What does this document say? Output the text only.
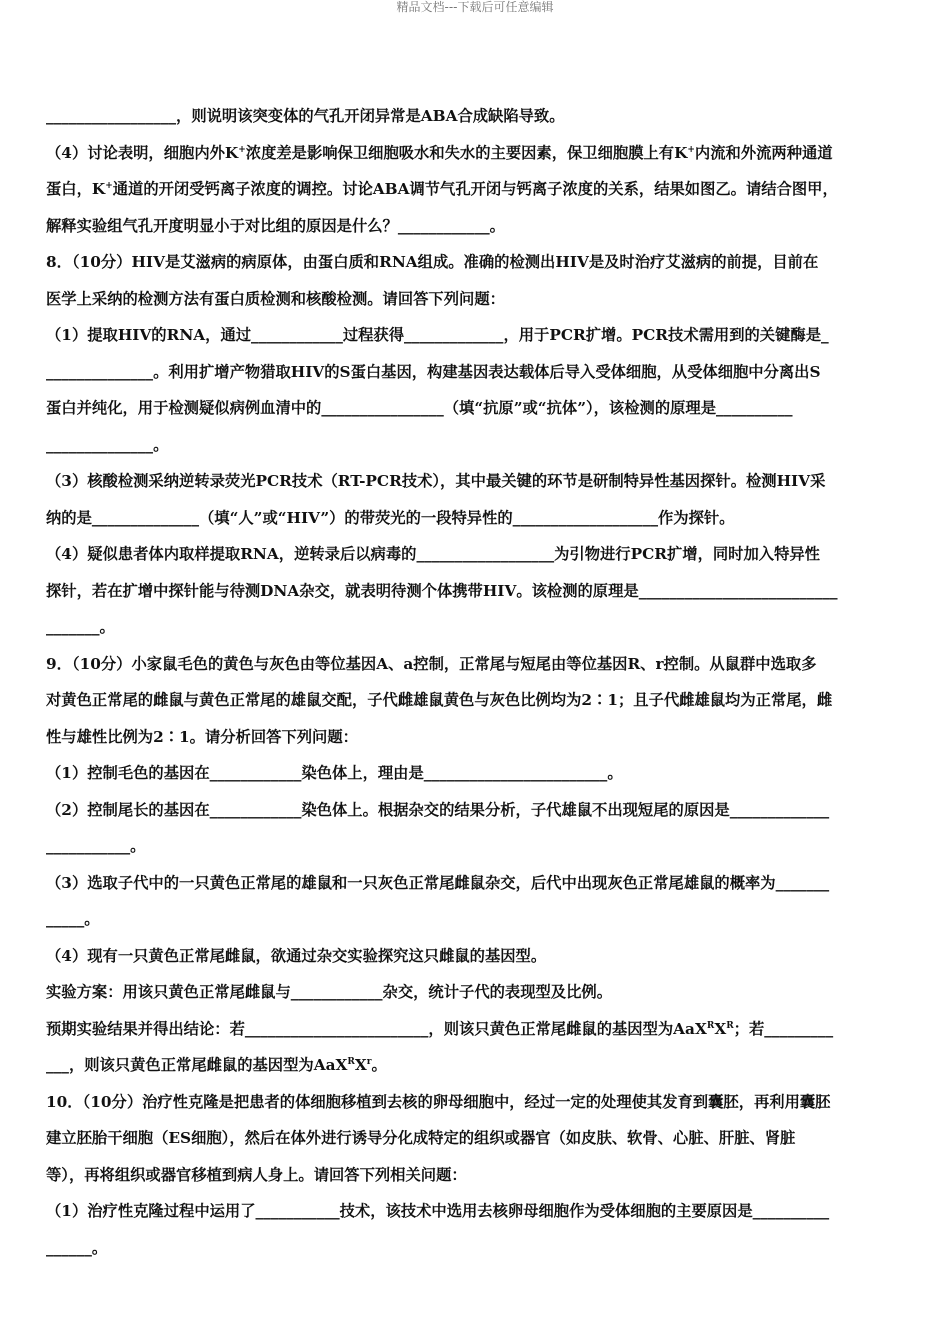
精品文档---下载后可任意编辑
_________________，则说明该突变体的气孔开闭异常是ABA合成缺陷导致。
（4）讨论表明，细胞内外K+浓度差是影响保卫细胞吸水和失水的主要因素，保卫细胞膜上有K+内流和外流两种通道
蛋白，K+通道的开闭受钙离子浓度的调控。讨论ABA调节气孔开闭与钙离子浓度的关系，结果如图乙。请结合图甲，
解释实验组气孔开度明显小于对比组的原因是什么？____________。
8．（10分）HIV是艾滋病的病原体，由蛋白质和RNA组成。准确的检测出HIV是及时治疗艾滋病的前提，目前在
医学上采纳的检测方法有蛋白质检测和核酸检测。请回答下列问题：
（1）提取HIV的RNA，通过____________过程获得_____________，用于PCR扩增。PCR技术需用到的关键酶是_
______________。利用扩增产物猎取HIV的S蛋白基因，构建基因表达载体后导入受体细胞，从受体细胞中分离出S
蛋白并纯化，用于检测疑似病例血清中的________________（填“抗原”或“抗体”），该检测的原理是__________
______________。
（3）核酸检测采纳逆转录荧光PCR技术（RT-PCR技术），其中最关键的环节是研制特异性基因探针。检测HIV采
纳的是______________（填“人”或“HIV”）的带荧光的一段特异性的___________________作为探针。
（4）疑似患者体内取样提取RNA，逆转录后以病毒的__________________为引物进行PCR扩增，同时加入特异性
探针，若在扩增中探针能与待测DNA杂交，就表明待测个体携带HIV。该检测的原理是__________________________
_______。
9．（10分）小家鼠毛色的黄色与灰色由等位基因A、a控制，正常尾与短尾由等位基因R、r控制。从鼠群中选取多
对黄色正常尾的雌鼠与黄色正常尾的雄鼠交配，子代雌雄鼠黄色与灰色比例均为2∶1；且子代雌雄鼠均为正常尾，雌
性与雄性比例为2∶1。请分析回答下列问题：
（1）控制毛色的基因在____________染色体上，理由是________________________。
（2）控制尾长的基因在____________染色体上。根据杂交的结果分析，子代雄鼠不出现短尾的原因是_____________
___________。
（3）选取子代中的一只黄色正常尾的雄鼠和一只灰色正常尾雌鼠杂交，后代中出现灰色正常尾雄鼠的概率为_______
_____。
（4）现有一只黄色正常尾雌鼠，欲通过杂交实验探究这只雌鼠的基因型。
实验方案：用该只黄色正常尾雌鼠与____________杂交，统计子代的表现型及比例。
预期实验结果并得出结论：若________________________，则该只黄色正常尾雌鼠的基因型为$AaX^RX^R$；若_________
___，则该只黄色正常尾雌鼠的基因型为$AaX^RX^r$。
10．（10分）治疗性克隆是把患者的体细胞移植到去核的卵母细胞中，经过一定的处理使其发育到囊胚，再利用囊胚
建立胚胎干细胞（ES细胞），然后在体外进行诱导分化成特定的组织或器官（如皮肤、软骨、心脏、肝脏、肾脏
等），再将组织或器官移植到病人身上。请回答下列相关问题：
（1）治疗性克隆过程中运用了___________技术，该技术中选用去核卵母细胞作为受体细胞的主要原因是__________
______。
